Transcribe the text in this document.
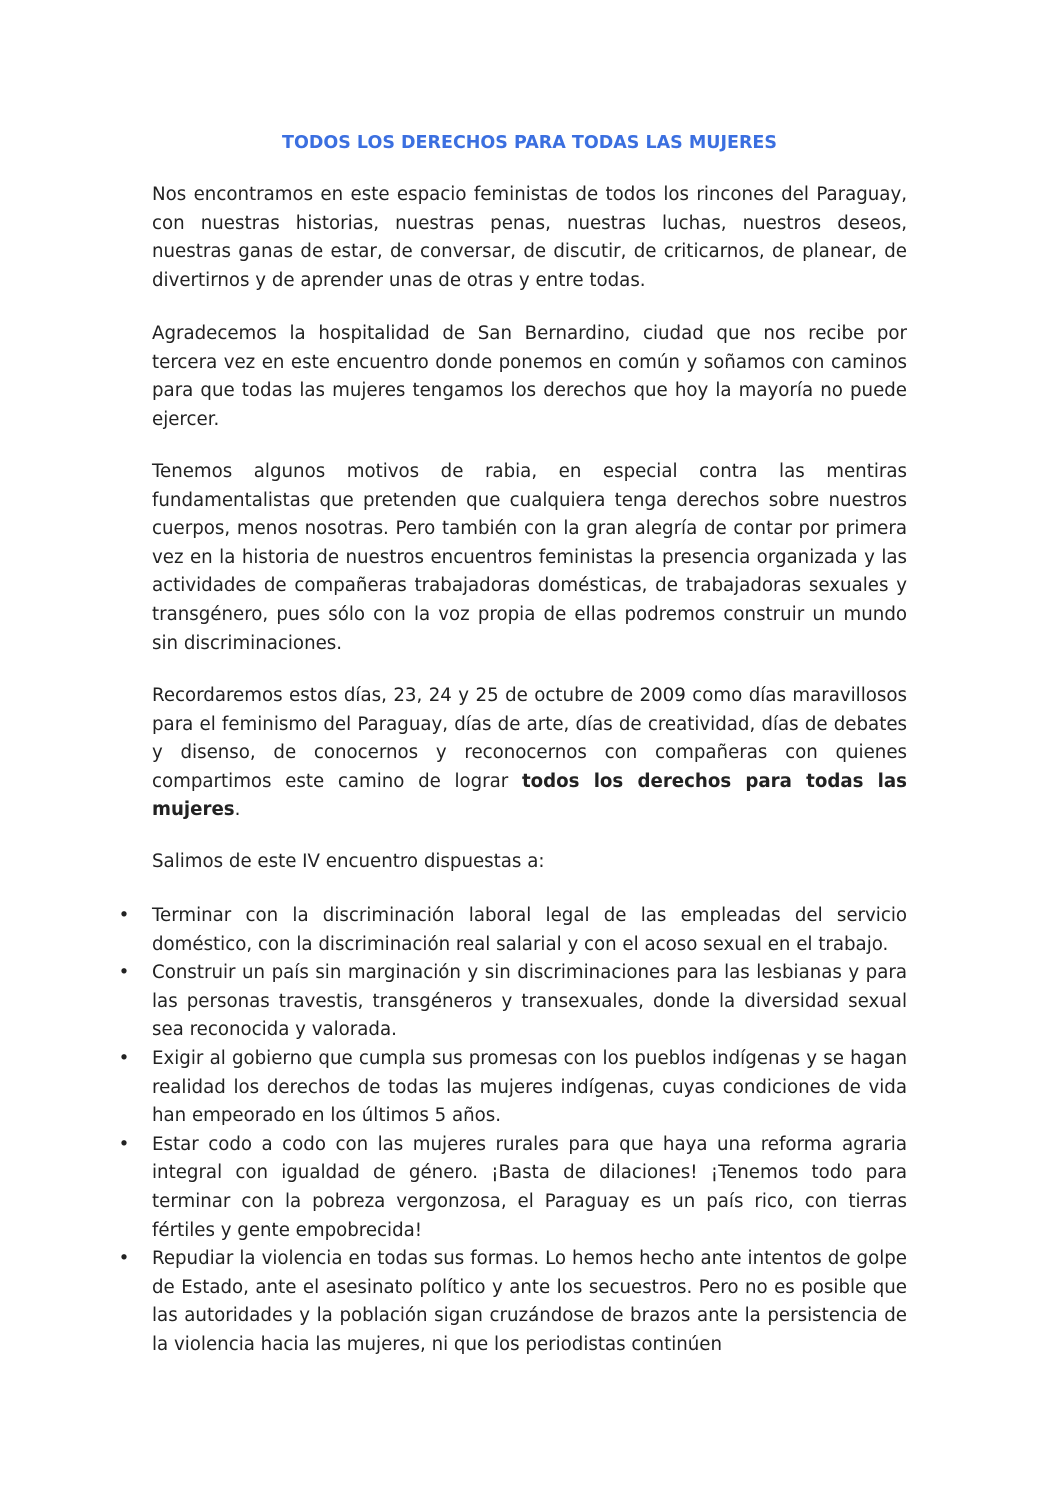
TODOS LOS DERECHOS PARA TODAS LAS MUJERES

Nos encontramos en este espacio feministas de todos los rincones del Paraguay, con nuestras historias, nuestras penas, nuestras luchas, nuestros deseos, nuestras ganas de estar, de conversar, de discutir, de criticarnos, de planear, de divertirnos y de aprender unas de otras y entre todas.

Agradecemos la hospitalidad de San Bernardino, ciudad que nos recibe por tercera vez en este encuentro donde ponemos en común y soñamos con caminos para que todas las mujeres tengamos los derechos que hoy la mayoría no puede ejercer.

Tenemos algunos motivos de rabia, en especial contra las mentiras fundamentalistas que pretenden que cualquiera tenga derechos sobre nuestros cuerpos, menos nosotras. Pero también con la gran alegría de contar por primera vez en la historia de nuestros encuentros feministas la presencia organizada y las actividades de compañeras trabajadoras domésticas, de trabajadoras sexuales y transgénero, pues sólo con la voz propia de ellas podremos construir un mundo sin discriminaciones.

Recordaremos estos días, 23, 24 y 25 de octubre de 2009 como días maravillosos para el feminismo del Paraguay, días de arte, días de creatividad, días de debates y disenso, de conocernos y reconocernos con compañeras con quienes compartimos este camino de lograr todos los derechos para todas las mujeres.

Salimos de este IV encuentro dispuestas a:

• Terminar con la discriminación laboral legal de las empleadas del servicio doméstico, con la discriminación real salarial y con el acoso sexual en el trabajo.
• Construir un país sin marginación y sin discriminaciones para las lesbianas y para las personas travestis, transgéneros y transexuales, donde la diversidad sexual sea reconocida y valorada.
• Exigir al gobierno que cumpla sus promesas con los pueblos indígenas y se hagan realidad los derechos de todas las mujeres indígenas, cuyas condiciones de vida han empeorado en los últimos 5 años.
• Estar codo a codo con las mujeres rurales para que haya una reforma agraria integral con igualdad de género. ¡Basta de dilaciones! ¡Tenemos todo para terminar con la pobreza vergonzosa, el Paraguay es un país rico, con tierras fértiles y gente empobrecida!
• Repudiar la violencia en todas sus formas. Lo hemos hecho ante intentos de golpe de Estado, ante el asesinato político y ante los secuestros. Pero no es posible que las autoridades y la población sigan cruzándose de brazos ante la persistencia de la violencia hacia las mujeres, ni que los periodistas continúen
